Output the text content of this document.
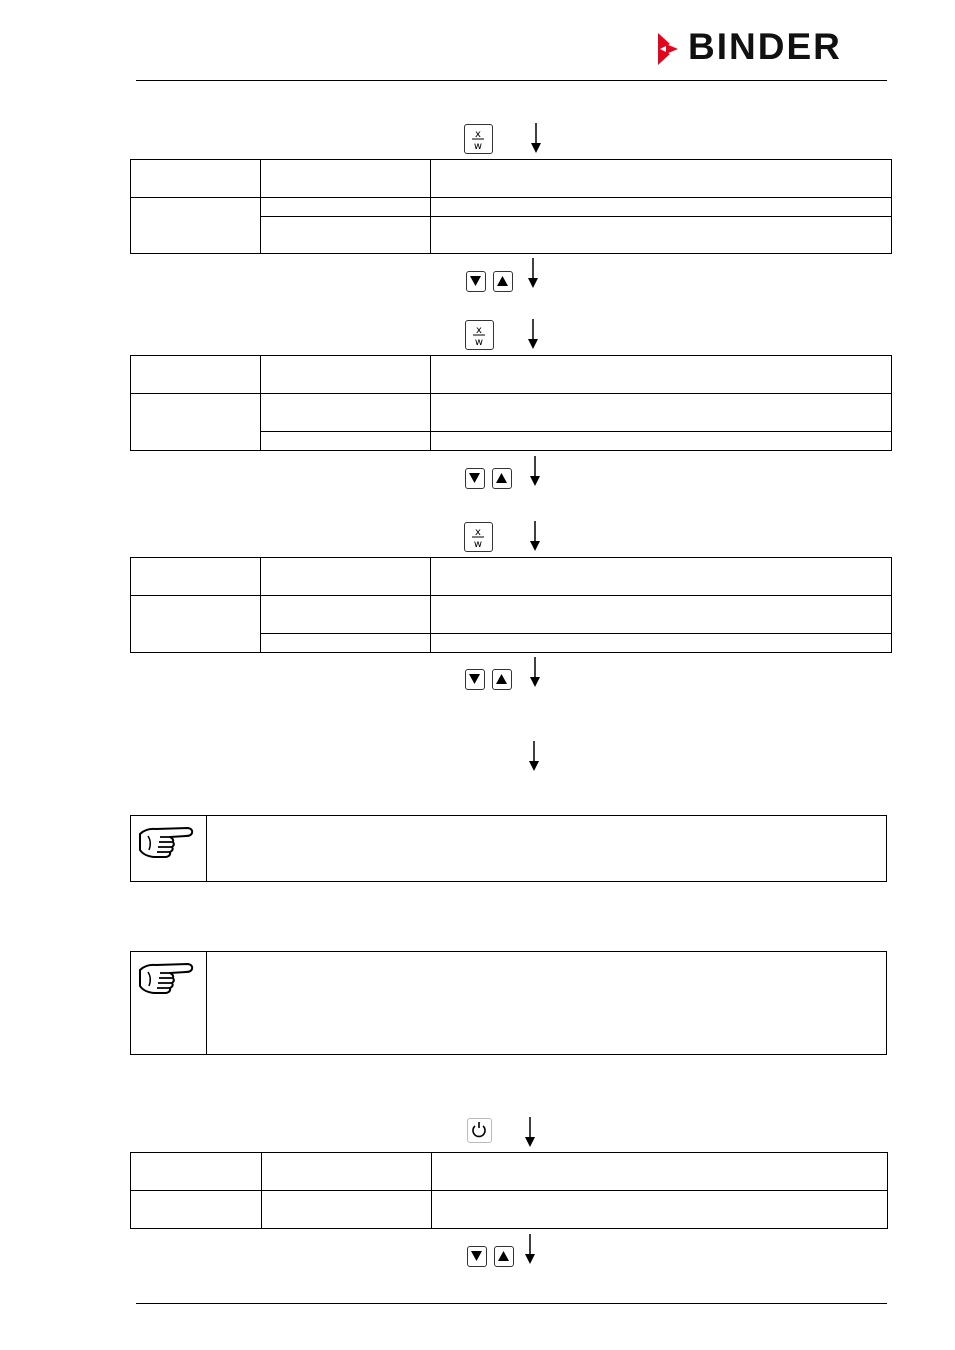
BINDER
x
w

x
w

x
w
